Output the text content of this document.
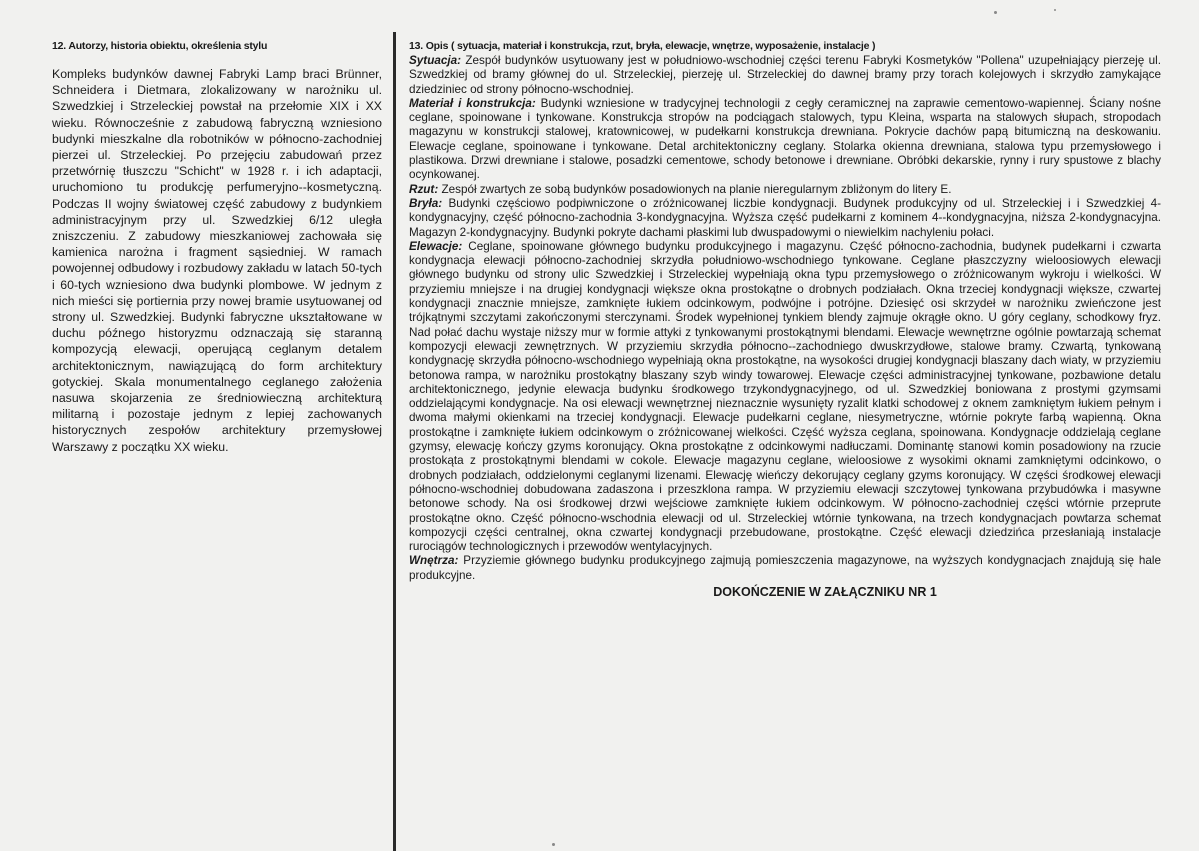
12. Autorzy, historia obiektu, określenia stylu

Kompleks budynków dawnej Fabryki Lamp braci Brünner, Schneidera i Dietmara, zlokalizowany w narożniku ul. Szwedzkiej i Strzeleckiej powstał na przełomie XIX i XX wieku. Równocześnie z zabudową fabryczną wzniesiono budynki mieszkalne dla robotników w północno-zachodniej pierzei ul. Strzeleckiej. Po przejęciu zabudowań przez przetwórnię tłuszczu "Schicht" w 1928 r. i ich adaptacji, uruchomiono tu produkcję perfumeryjno--kosmetyczną. Podczas II wojny światowej część zabudowy z budynkiem administracyjnym przy ul. Szwedzkiej 6/12 uległa zniszczeniu. Z zabudowy mieszkaniowej zachowała się kamienica narożna i fragment sąsiedniej. W ramach powojennej odbudowy i rozbudowy zakładu w latach 50-tych i 60-tych wzniesiono dwa budynki plombowe. W jednym z nich mieści się portiernia przy nowej bramie usytuowanej od strony ul. Szwedzkiej. Budynki fabryczne ukształtowane w duchu późnego historyzmu odznaczają się staranną kompozycją elewacji, operującą ceglanym detalem architektonicznym, nawiązującą do form architektury gotyckiej. Skala monumentalnego ceglanego założenia nasuwa skojarzenia ze średniowieczną architekturą militarną i pozostaje jednym z lepiej zachowanych historycznych zespołów architektury przemysłowej Warszawy z początku XX wieku.

13. Opis ( sytuacja, materiał i konstrukcja, rzut, bryła, elewacje, wnętrze, wyposażenie, instalacje )

Sytuacja: Zespół budynków usytuowany jest w południowo-wschodniej części terenu Fabryki Kosmetyków "Pollena" uzupełniający pierzeję ul. Szwedzkiej od bramy głównej do ul. Strzeleckiej, pierzeję ul. Strzeleckiej do dawnej bramy przy torach kolejowych i skrzydło zamykające dziedziniec od strony północno-wschodniej.

Materiał i konstrukcja: Budynki wzniesione w tradycyjnej technologii z cegły ceramicznej na zaprawie cementowo-wapiennej. Ściany nośne ceglane, spoinowane i tynkowane. Konstrukcja stropów na podciągach stalowych, typu Kleina, wsparta na stalowych słupach, stropodach magazynu w konstrukcji stalowej, kratownicowej, w pudełkarni konstrukcja drewniana. Pokrycie dachów papą bitumiczną na deskowaniu. Elewacje ceglane, spoinowane i tynkowane. Detal architektoniczny ceglany. Stolarka okienna drewniana, stalowa typu przemysłowego i plastikowa. Drzwi drewniane i stalowe, posadzki cementowe, schody betonowe i drewniane. Obróbki dekarskie, rynny i rury spustowe z blachy ocynkowanej.

Rzut: Zespół zwartych ze sobą budynków posadowionych na planie nieregularnym zbliżonym do litery E.

Bryła: Budynki częściowo podpiwniczone o zróżnicowanej liczbie kondygnacji. Budynek produkcyjny od ul. Strzeleckiej i i Szwedzkiej 4- kondygnacyjny, część północno-zachodnia 3-kondygnacyjna. Wyższa część pudełkarni z kominem 4--kondygnacyjna, niższa 2-kondygnacyjna. Magazyn 2-kondygnacyjny. Budynki pokryte dachami płaskimi lub dwuspadowymi o niewielkim nachyleniu połaci.

Elewacje: Ceglane, spoinowane głównego budynku produkcyjnego i magazynu. Część północno-zachodnia, budynek pudełkarni i czwarta kondygnacja elewacji północno-zachodniej skrzydła południowo-wschodniego tynkowane. Ceglane płaszczyzny wieloosiowych elewacji głównego budynku od strony ulic Szwedzkiej i Strzeleckiej wypełniają okna typu przemysłowego o zróżnicowanym wykroju i wielkości. W przyziemiu mniejsze i na drugiej kondygnacji większe okna prostokątne o drobnych podziałach. Okna trzeciej kondygnacji większe, czwartej kondygnacji znacznie mniejsze, zamknięte łukiem odcinkowym, podwójne i potrójne. Dziesięć osi skrzydeł w narożniku zwieńczone jest trójkątnymi szczytami zakończonymi sterczynami. Środek wypełnionej tynkiem blendy zajmuje okrągłe okno. U góry ceglany, schodkowy fryz. Nad połać dachu wystaje niższy mur w formie attyki z tynkowanymi prostokątnymi blendami. Elewacje wewnętrzne ogólnie powtarzają schemat kompozycji elewacji zewnętrznych. W przyziemiu skrzydła północno--zachodniego dwuskrzydłowe, stalowe bramy. Czwartą, tynkowaną kondygnację skrzydła północno-wschodniego wypełniają okna prostokątne, na wysokości drugiej kondygnacji blaszany dach wiaty, w przyziemiu betonowa rampa, w narożniku prostokątny blaszany szyb windy towarowej. Elewacje części administracyjnej tynkowane, pozbawione detalu architektonicznego, jedynie elewacja budynku środkowego trzykondygnacyjnego, od ul. Szwedzkiej boniowana z prostymi gzymsami oddzielającymi kondygnacje. Na osi elewacji wewnętrznej nieznacznie wysunięty ryzalit klatki schodowej z oknem zamkniętym łukiem pełnym i dwoma małymi okienkami na trzeciej kondygnacji. Elewacje pudełkarni ceglane, niesymetryczne, wtórnie pokryte farbą wapienną. Okna prostokątne i zamknięte łukiem odcinkowym o zróżnicowanej wielkości. Część wyższa ceglana, spoinowana. Kondygnacje oddzielają ceglane gzymsy, elewację kończy gzyms koronujący. Okna prostokątne z odcinkowymi nadłuczami. Dominantę stanowi komin posadowiony na rzucie prostokąta z prostokątnymi blendami w cokole. Elewacje magazynu ceglane, wieloosiowe z wysokimi oknami zamkniętymi odcinkowo, o drobnych podziałach, oddzielonymi ceglanymi lizenami. Elewację wieńczy dekorujący ceglany gzyms koronujący. W części środkowej elewacji północno-wschodniej dobudowana zadaszona i przeszklona rampa. W przyziemiu elewacji szczytowej tynkowana przybudówka i masywne betonowe schody. Na osi środkowej drzwi wejściowe zamknięte łukiem odcinkowym. W północno-zachodniej części wtórnie przeprute prostokątne okno. Część północno-wschodnia elewacji od ul. Strzeleckiej wtórnie tynkowana, na trzech kondygnacjach powtarza schemat kompozycji części centralnej, okna czwartej kondygnacji przebudowane, prostokątne. Część elewacji dziedzińca przesłaniają instalacje rurociągów technologicznych i przewodów wentylacyjnych.

Wnętrza: Przyziemie głównego budynku produkcyjnego zajmują pomieszczenia magazynowe, na wyższych kondygnacjach znajdują się hale produkcyjne.

DOKOŃCZENIE W ZAŁĄCZNIKU NR 1
